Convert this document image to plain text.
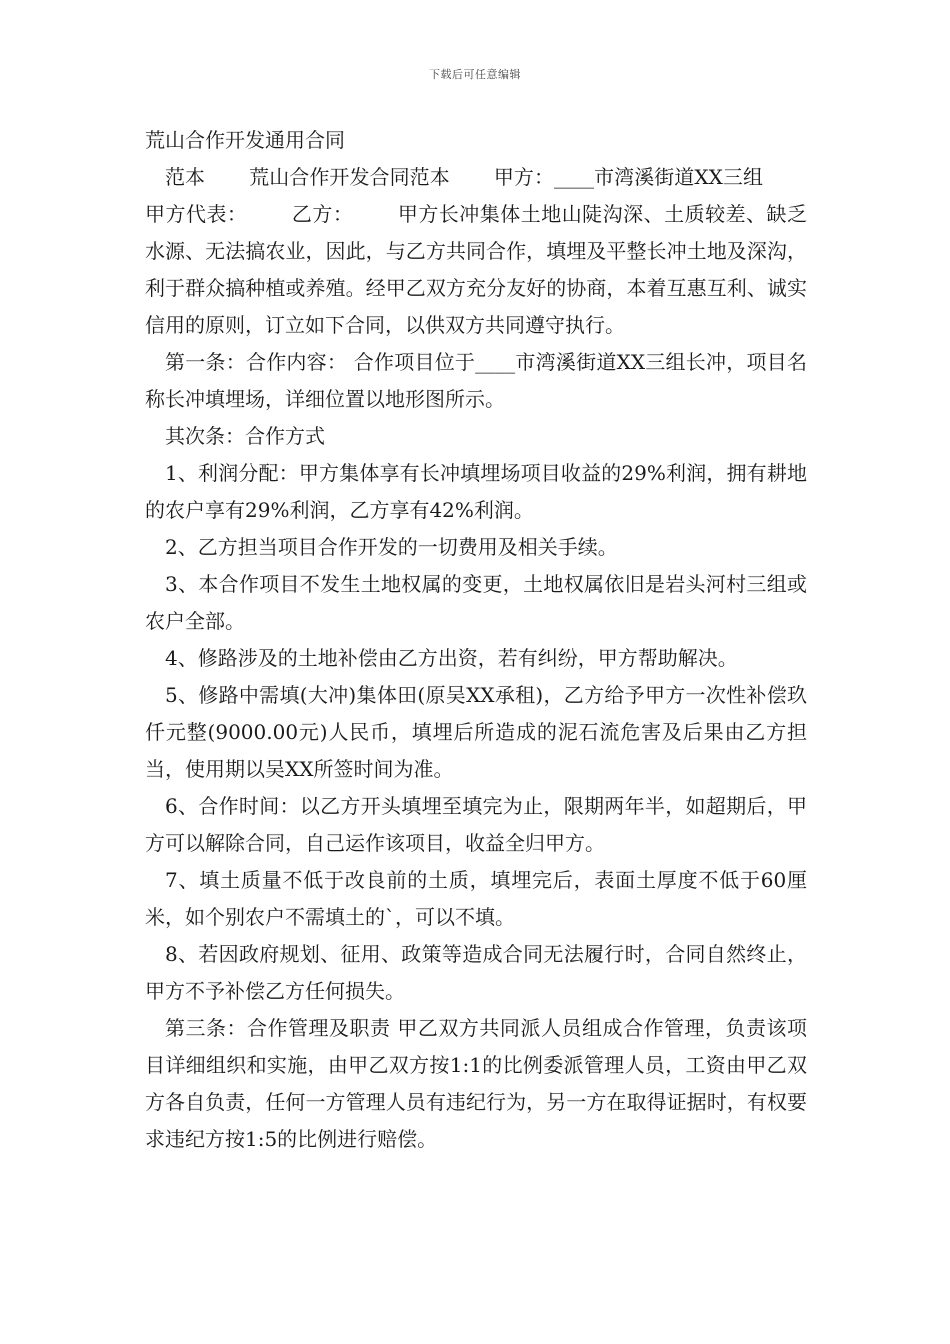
下载后可任意编辑
荒山合作开发通用合同

范本 荒山合作开发合同范本 甲方：____市湾溪街道XX三组甲方代表： 乙方： 甲方长冲集体土地山陡沟深、土质较差、缺乏水源、无法搞农业，因此，与乙方共同合作，填埋及平整长冲土地及深沟，利于群众搞种植或养殖。经甲乙双方充分友好的协商，本着互惠互利、诚实信用的原则，订立如下合同，以供双方共同遵守执行。

第一条：合作内容： 合作项目位于____市湾溪街道XX三组长冲，项目名称长冲填埋场，详细位置以地形图所示。

其次条：合作方式

1、利润分配：甲方集体享有长冲填埋场项目收益的29%利润，拥有耕地的农户享有29%利润，乙方享有42%利润。

2、乙方担当项目合作开发的一切费用及相关手续。

3、本合作项目不发生土地权属的变更，土地权属依旧是岩头河村三组或农户全部。

4、修路涉及的土地补偿由乙方出资，若有纠纷，甲方帮助解决。

5、修路中需填(大冲)集体田(原吴XX承租)，乙方给予甲方一次性补偿玖仟元整(9000.00元)人民币，填埋后所造成的泥石流危害及后果由乙方担当，使用期以吴XX所签时间为准。

6、合作时间：以乙方开头填埋至填完为止，限期两年半，如超期后，甲方可以解除合同，自己运作该项目，收益全归甲方。

7、填土质量不低于改良前的土质，填埋完后，表面土厚度不低于60厘米，如个别农户不需填土的`，可以不填。

8、若因政府规划、征用、政策等造成合同无法履行时，合同自然终止，甲方不予补偿乙方任何损失。

第三条：合作管理及职责 甲乙双方共同派人员组成合作管理，负责该项目详细组织和实施，由甲乙双方按1:1的比例委派管理人员，工资由甲乙双方各自负责，任何一方管理人员有违纪行为，另一方在取得证据时，有权要求违纪方按1:5的比例进行赔偿。
